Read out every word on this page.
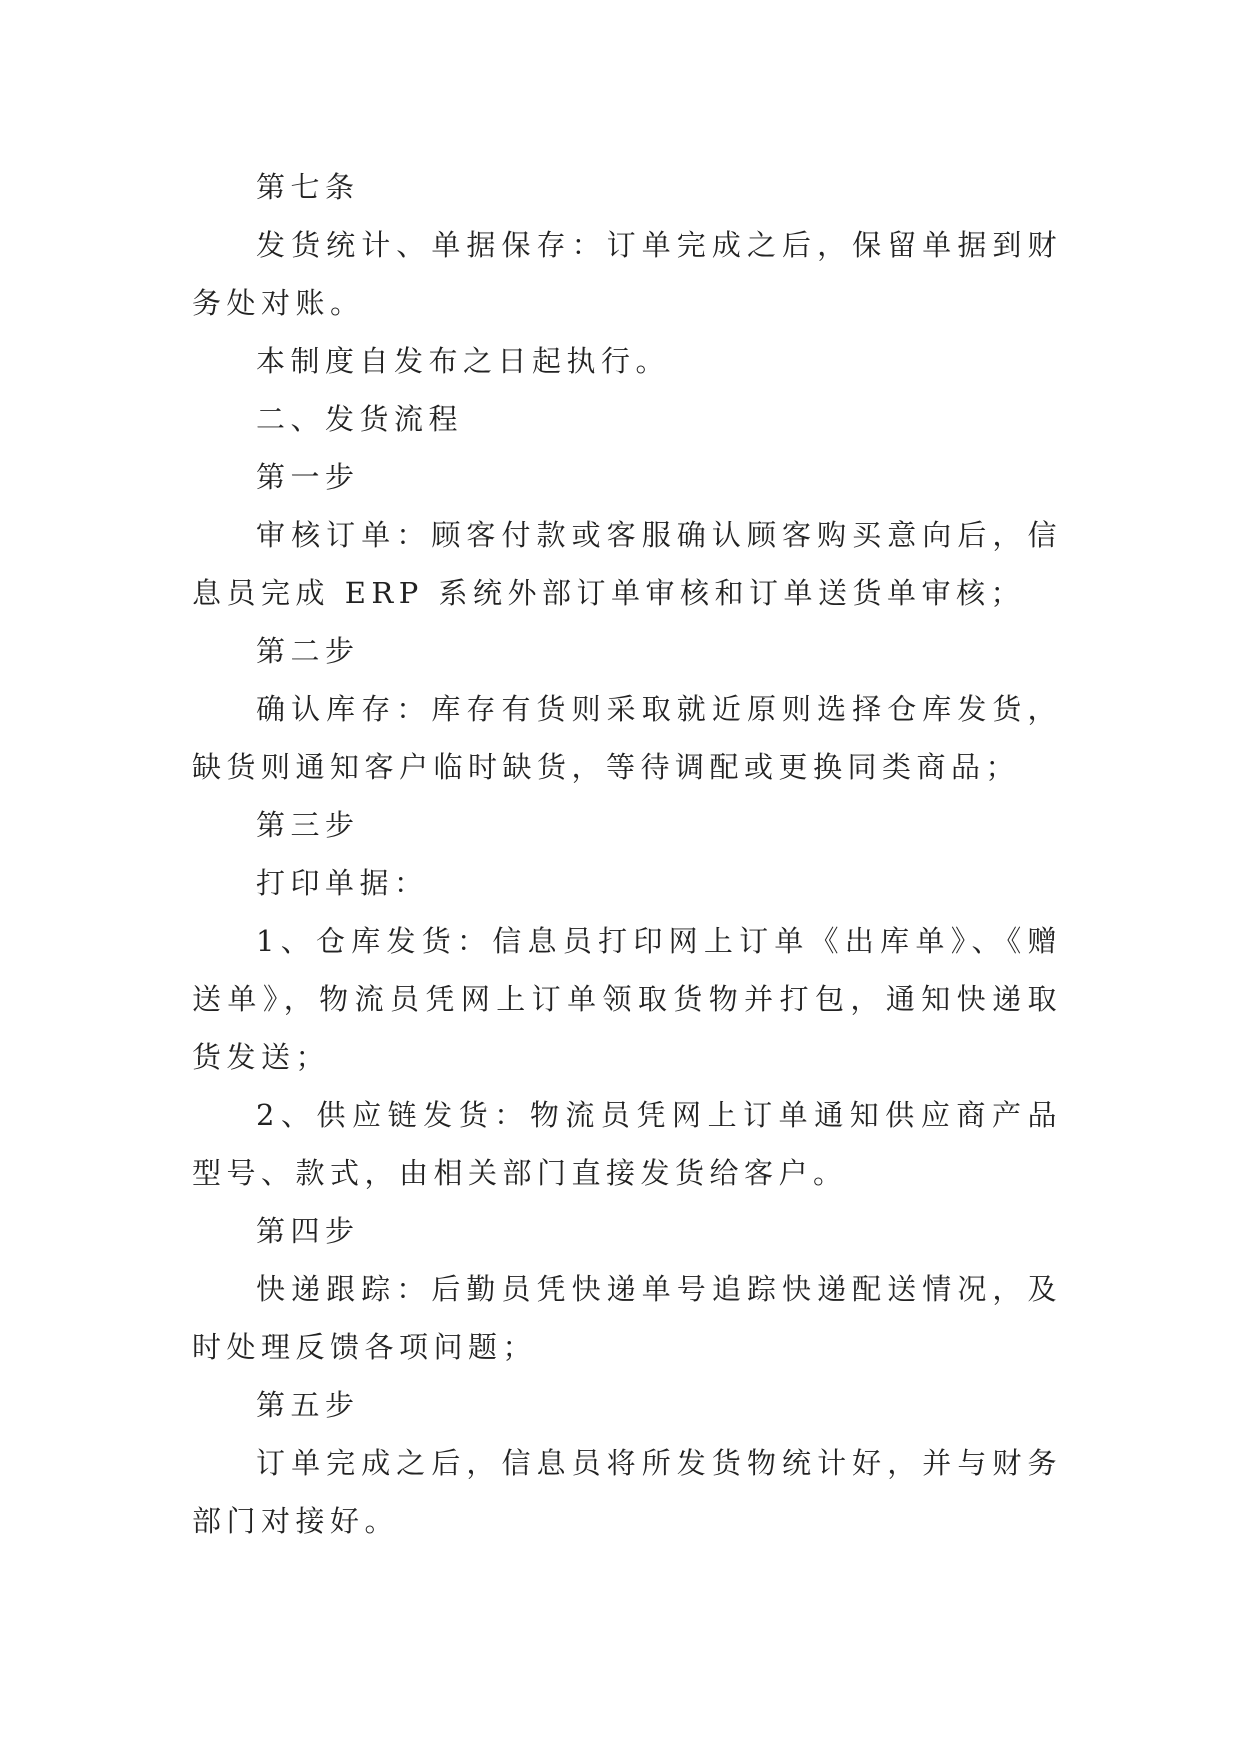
第七条

发货统计、单据保存：订单完成之后，保留单据到财务处对账。

本制度自发布之日起执行。

二、发货流程

第一步

审核订单：顾客付款或客服确认顾客购买意向后，信息员完成 ERP 系统外部订单审核和订单送货单审核；

第二步

确认库存：库存有货则采取就近原则选择仓库发货，缺货则通知客户临时缺货，等待调配或更换同类商品；

第三步

打印单据：

1、仓库发货：信息员打印网上订单《出库单》、《赠送单》，物流员凭网上订单领取货物并打包，通知快递取货发送；

2、供应链发货：物流员凭网上订单通知供应商产品型号、款式，由相关部门直接发货给客户。

第四步

快递跟踪：后勤员凭快递单号追踪快递配送情况，及时处理反馈各项问题；

第五步

订单完成之后，信息员将所发货物统计好，并与财务部门对接好。
